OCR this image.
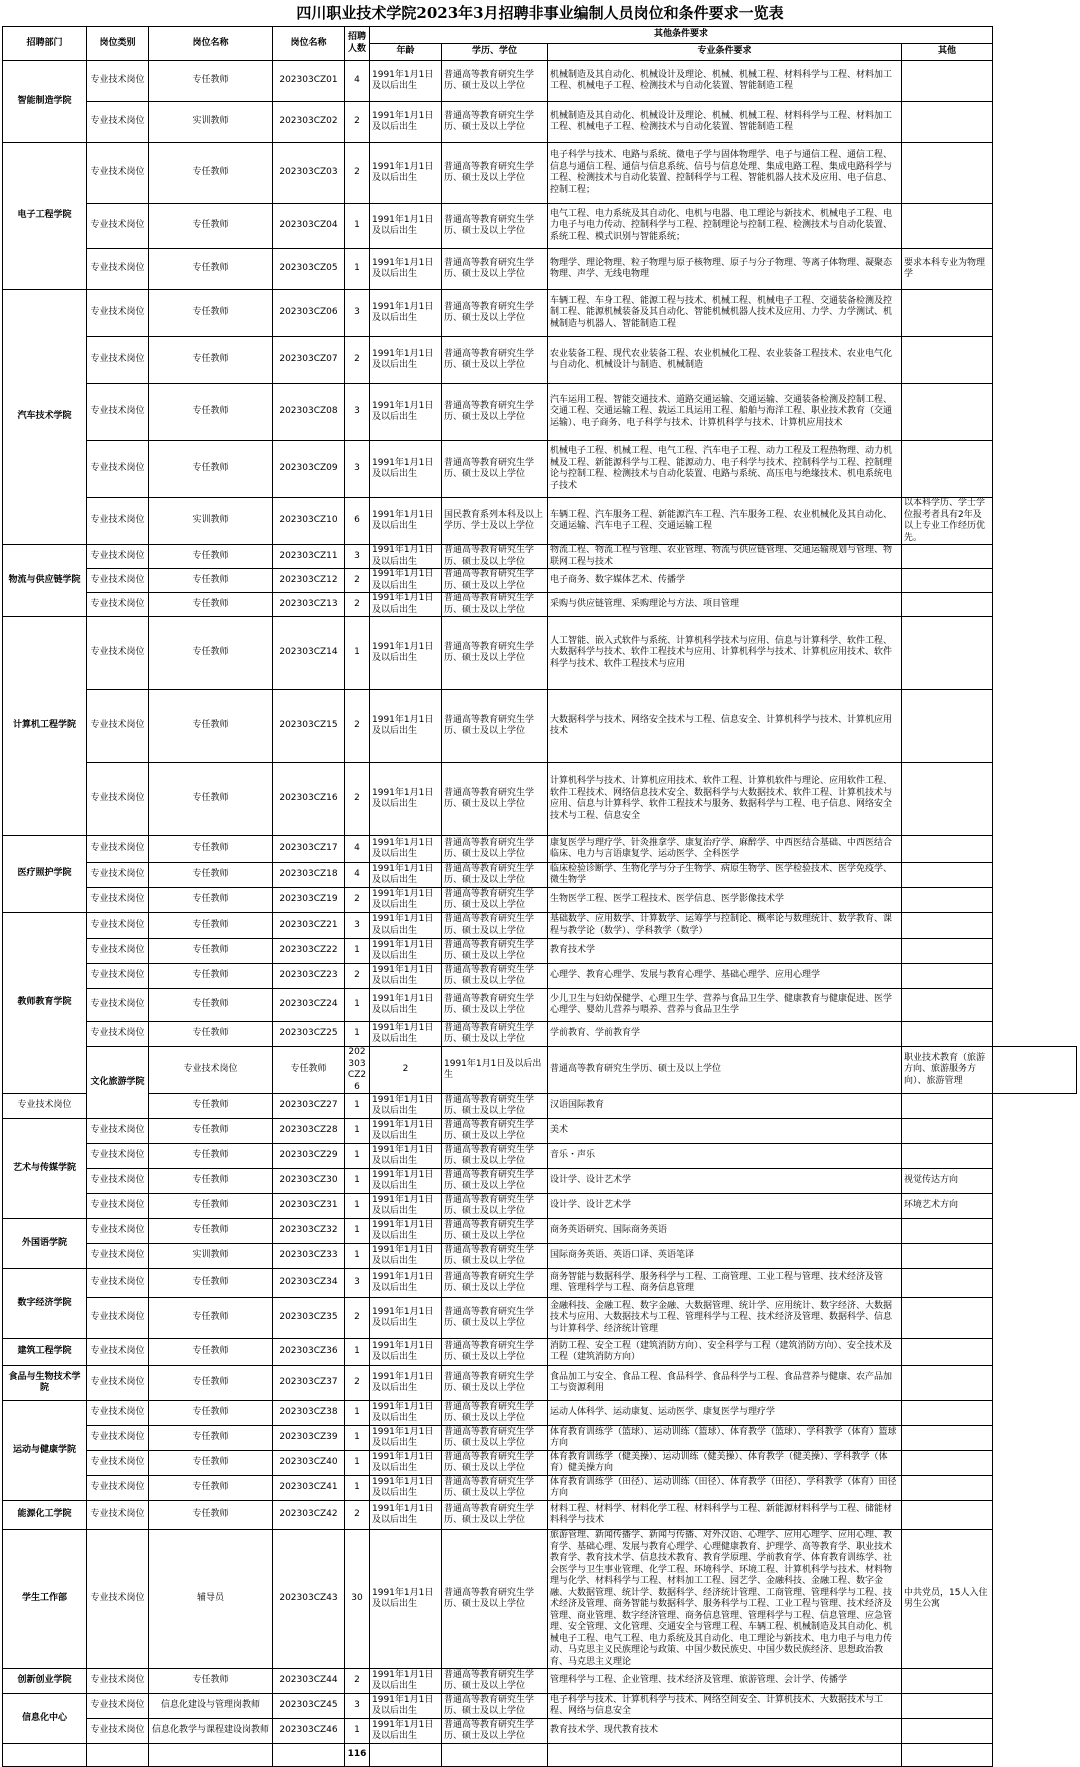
四川职业技术学院2023年3月招聘非事业编制人员岗位和条件要求一览表
招聘部门	岗位类别	岗位名称	岗位名称	招聘人数	其他条件要求				
					年龄	学历、学位	专业条件要求	其他	
智能制造学院	专业技术岗位	专任教师	202303CZ01	4	1991年1月1日及以后出生	普通高等教育研究生学历、硕士及以上学位	机械制造及其自动化、机械设计及理论、机械、机械工程、材料科学与工程、材料加工工程、机械电子工程、检测技术与自动化装置、智能制造工程		
	专业技术岗位	实训教师	202303CZ02	2	1991年1月1日及以后出生	普通高等教育研究生学历、硕士及以上学位	机械制造及其自动化、机械设计及理论、机械、机械工程、材料科学与工程、材料加工工程、机械电子工程、检测技术与自动化装置、智能制造工程		
电子工程学院	专业技术岗位	专任教师	202303CZ03	2	1991年1月1日及以后出生	普通高等教育研究生学历、硕士及以上学位	电子科学与技术、电路与系统、微电子学与固体物理学、电子与通信工程、通信工程、信息与通信工程、通信与信息系统、信号与信息处理、集成电路工程、集成电路科学与工程、检测技术与自动化装置、控制科学与工程、智能机器人技术及应用、电子信息、控制工程；		
	专业技术岗位	专任教师	202303CZ04	1	1991年1月1日及以后出生	普通高等教育研究生学历、硕士及以上学位	电气工程、电力系统及其自动化、电机与电器、电工理论与新技术、机械电子工程、电力电子与电力传动、控制科学与工程、控制理论与控制工程、检测技术与自动化装置、系统工程、模式识别与智能系统；		
	专业技术岗位	专任教师	202303CZ05	1	1991年1月1日及以后出生	普通高等教育研究生学历、硕士及以上学位	物理学、理论物理、粒子物理与原子核物理、原子与分子物理、等离子体物理、凝聚态物理、声学、无线电物理	要求本科专业为物理学	
汽车技术学院	专业技术岗位	专任教师	202303CZ06	3	1991年1月1日及以后出生	普通高等教育研究生学历、硕士及以上学位	车辆工程、车身工程、能源工程与技术、机械工程、机械电子工程、交通装备检测及控制工程、能源机械装备及其自动化、智能机械机器人技术及应用、力学、力学测试、机械制造与机器人、智能制造工程		
	专业技术岗位	专任教师	202303CZ07	2	1991年1月1日及以后出生	普通高等教育研究生学历、硕士及以上学位	农业装备工程、现代农业装备工程、农业机械化工程、农业装备工程技术、农业电气化与自动化、机械设计与制造、机械制造		
	专业技术岗位	专任教师	202303CZ08	3	1991年1月1日及以后出生	普通高等教育研究生学历、硕士及以上学位	汽车运用工程、智能交通技术、道路交通运输、交通运输、交通装备检测及控制工程、交通工程、交通运输工程、载运工具运用工程、船舶与海洋工程、职业技术教育（交通运输）、电子商务、电子科学与技术、计算机科学与技术、计算机应用技术		
	专业技术岗位	专任教师	202303CZ09	3	1991年1月1日及以后出生	普通高等教育研究生学历、硕士及以上学位	机械电子工程、机械工程、电气工程、汽车电子工程、动力工程及工程热物理、动力机械及工程、新能源科学与工程、能源动力、电子科学与技术、控制科学与工程、控制理论与控制工程、检测技术与自动化装置、电路与系统、高压电与绝缘技术、机电系统电子技术		
	专业技术岗位	实训教师	202303CZ10	6	1991年1月1日及以后出生	国民教育系列本科及以上学历、学士及以上学位	车辆工程、汽车服务工程、新能源汽车工程、汽车服务工程、农业机械化及其自动化、交通运输、汽车电子工程、交通运输工程	以本科学历、学士学位报考者具有2年及以上专业工作经历优先。	
物流与供应链学院	专业技术岗位	专任教师	202303CZ11	3	1991年1月1日及以后出生	普通高等教育研究生学历、硕士及以上学位	物流工程、物流工程与管理、农业管理、物流与供应链管理、交通运输规划与管理、物联网工程与技术		
	专业技术岗位	专任教师	202303CZ12	2	1991年1月1日及以后出生	普通高等教育研究生学历、硕士及以上学位	电子商务、数字媒体艺术、传播学		
	专业技术岗位	专任教师	202303CZ13	2	1991年1月1日及以后出生	普通高等教育研究生学历、硕士及以上学位	采购与供应链管理、采购理论与方法、项目管理		
计算机工程学院	专业技术岗位	专任教师	202303CZ14	1	1991年1月1日及以后出生	普通高等教育研究生学历、硕士及以上学位	人工智能、嵌入式软件与系统、计算机科学技术与应用、信息与计算科学、软件工程、大数据科学与技术、软件工程技术与应用、计算机科学与技术、计算机应用技术、软件科学与技术、软件工程技术与应用		
	专业技术岗位	专任教师	202303CZ15	2	1991年1月1日及以后出生	普通高等教育研究生学历、硕士及以上学位	大数据科学与技术、网络安全技术与工程、信息安全、计算机科学与技术、计算机应用技术		
	专业技术岗位	专任教师	202303CZ16	2	1991年1月1日及以后出生	普通高等教育研究生学历、硕士及以上学位	计算机科学与技术、计算机应用技术、软件工程、计算机软件与理论、应用软件工程、软件工程技术、网络信息技术安全、数据科学与大数据技术、软件工程、计算机技术与应用、信息与计算科学、软件工程技术与服务、数据科学与工程、电子信息、网络安全技术与工程、信息安全		
医疗照护学院	专业技术岗位	专任教师	202303CZ17	4	1991年1月1日及以后出生	普通高等教育研究生学历、硕士及以上学位	康复医学与理疗学、针灸推拿学、康复治疗学、麻醉学、中西医结合基础、中西医结合临床、电力与言语康复学、运动医学、全科医学		
	专业技术岗位	专任教师	202303CZ18	4	1991年1月1日及以后出生	普通高等教育研究生学历、硕士及以上学位	临床检验诊断学、生物化学与分子生物学、病原生物学、医学检验技术、医学免疫学、微生物学		
	专业技术岗位	专任教师	202303CZ19	2	1991年1月1日及以后出生	普通高等教育研究生学历、硕士及以上学位	生物医学工程、医学工程技术、医学信息、医学影像技术学		
教师教育学院	专业技术岗位	专任教师	202303CZ21	3	1991年1月1日及以后出生	普通高等教育研究生学历、硕士及以上学位	基础数学、应用数学、计算数学、运筹学与控制论、概率论与数理统计、数学教育、课程与教学论（数学）、学科教学（数学）		
	专业技术岗位	专任教师	202303CZ22	1	1991年1月1日及以后出生	普通高等教育研究生学历、硕士及以上学位	教育技术学		
	专业技术岗位	专任教师	202303CZ23	2	1991年1月1日及以后出生	普通高等教育研究生学历、硕士及以上学位	心理学、教育心理学、发展与教育心理学、基础心理学、应用心理学		
	专业技术岗位	专任教师	202303CZ24	1	1991年1月1日及以后出生	普通高等教育研究生学历、硕士及以上学位	少儿卫生与妇幼保健学、心理卫生学、营养与食品卫生学、健康教育与健康促进、医学心理学、婴幼儿营养与喂养、营养与食品卫生学		
	专业技术岗位	专任教师	202303CZ25	1	1991年1月1日及以后出生	普通高等教育研究生学历、硕士及以上学位	学前教育、学前教育学		
	文化旅游学院	专业技术岗位	专任教师	202303CZ26	2	1991年1月1日及以后出生	普通高等教育研究生学历、硕士及以上学位	职业技术教育（旅游方向、旅游服务方向）、旅游管理	
专业技术岗位		专任教师	202303CZ27	1	1991年1月1日及以后出生	普通高等教育研究生学历、硕士及以上学位	汉语国际教育		
艺术与传媒学院	专业技术岗位	专任教师	202303CZ28	1	1991年1月1日及以后出生	普通高等教育研究生学历、硕士及以上学位	美术		
	专业技术岗位	专任教师	202303CZ29	1	1991年1月1日及以后出生	普通高等教育研究生学历、硕士及以上学位	音乐・声乐		
	专业技术岗位	专任教师	202303CZ30	1	1991年1月1日及以后出生	普通高等教育研究生学历、硕士及以上学位	设计学、设计艺术学	视觉传达方向	
	专业技术岗位	专任教师	202303CZ31	1	1991年1月1日及以后出生	普通高等教育研究生学历、硕士及以上学位	设计学、设计艺术学	环境艺术方向	
外国语学院	专业技术岗位	专任教师	202303CZ32	1	1991年1月1日及以后出生	普通高等教育研究生学历、硕士及以上学位	商务英语研究、国际商务英语		
	专业技术岗位	实训教师	202303CZ33	1	1991年1月1日及以后出生	普通高等教育研究生学历、硕士及以上学位	国际商务英语、英语口译、英语笔译		
数字经济学院	专业技术岗位	专任教师	202303CZ34	3	1991年1月1日及以后出生	普通高等教育研究生学历、硕士及以上学位	商务智能与数据科学、服务科学与工程、工商管理、工业工程与管理、技术经济及管理、管理科学与工程、商务信息管理		
	专业技术岗位	专任教师	202303CZ35	2	1991年1月1日及以后出生	普通高等教育研究生学历、硕士及以上学位	金融科技、金融工程、数字金融、大数据管理、统计学、应用统计、数字经济、大数据技术与应用、大数据技术与工程、管理科学与工程、技术经济及管理、数据科学、信息与计算科学、经济统计管理		
建筑工程学院	专业技术岗位	专任教师	202303CZ36	1	1991年1月1日及以后出生	普通高等教育研究生学历、硕士及以上学位	消防工程、安全工程（建筑消防方向）、安全科学与工程（建筑消防方向）、安全技术及工程（建筑消防方向）		
食品与生物技术学院	专业技术岗位	专任教师	202303CZ37	2	1991年1月1日及以后出生	普通高等教育研究生学历、硕士及以上学位	食品加工与安全、食品工程、食品科学、食品科学与工程、食品营养与健康、农产品加工与资源利用		
运动与健康学院	专业技术岗位	专任教师	202303CZ38	1	1991年1月1日及以后出生	普通高等教育研究生学历、硕士及以上学位	运动人体科学、运动康复、运动医学、康复医学与理疗学		
	专业技术岗位	专任教师	202303CZ39	1	1991年1月1日及以后出生	普通高等教育研究生学历、硕士及以上学位	体育教育训练学（篮球）、运动训练（篮球）、体育教学（篮球）、学科教学（体育）篮球方向		
	专业技术岗位	专任教师	202303CZ40	1	1991年1月1日及以后出生	普通高等教育研究生学历、硕士及以上学位	体育教育训练学（健美操）、运动训练（健美操）、体育教学（健美操）、学科教学（体育）健美操方向		
	专业技术岗位	专任教师	202303CZ41	1	1991年1月1日及以后出生	普通高等教育研究生学历、硕士及以上学位	体育教育训练学（田径）、运动训练（田径）、体育教学（田径）、学科教学（体育）田径方向		
能源化工学院	专业技术岗位	专任教师	202303CZ42	2	1991年1月1日及以后出生	普通高等教育研究生学历、硕士及以上学位	材料工程、材料学、材料化学工程、材料科学与工程、新能源材料科学与工程、储能材料科学与技术		
学生工作部	专业技术岗位	辅导员	202303CZ43	30	1991年1月1日及以后出生	普通高等教育研究生学历、硕士及以上学位	旅游管理、新闻传播学、新闻与传播、对外汉语、心理学、应用心理学、应用心理、教育学、基础心理、发展与教育心理学、心理健康教育、护理学、高等教育学、职业技术教育学、教育技术学、信息技术教育、教育学原理、学前教育学、体育教育训练学、社会医学与卫生事业管理、化学工程、环境科学、环境工程、计算机科学与技术、材料物理与化学、材料科学与工程、材料加工工程、园艺学、金融科技、金融工程、数字金融、大数据管理、统计学、数据科学、经济统计管理、工商管理、管理科学与工程、技术经济及管理、商务智能与数据科学、服务科学与工程、工业工程与管理、技术经济及管理、商业管理、数字经济管理、商务信息管理、管理科学与工程、信息管理、应急管理、安全管理、文化管理、交通安全与管理工程、车辆工程、机械制造及其自动化、机械电子工程、电气工程、电力系统及其自动化、电工理论与新技术、电力电子与电力传动、马克思主义民族理论与政策、中国少数民族史、中国少数民族经济、思想政治教育、马克思主义理论	中共党员，15人入住男生公寓	
创新创业学院	专业技术岗位	专任教师	202303CZ44	2	1991年1月1日及以后出生	普通高等教育研究生学历、硕士及以上学位	管理科学与工程、企业管理、技术经济及管理、旅游管理、会计学、传播学		
信息化中心	专业技术岗位	信息化建设与管理岗教师	202303CZ45	3	1991年1月1日及以后出生	普通高等教育研究生学历、硕士及以上学位	电子科学与技术、计算机科学与技术、网络空间安全、计算机技术、大数据技术与工程、网络与信息安全		
	专业技术岗位	信息化教学与课程建设岗教师	202303CZ46	1	1991年1月1日及以后出生	普通高等教育研究生学历、硕士及以上学位	教育技术学、现代教育技术		
				116					
